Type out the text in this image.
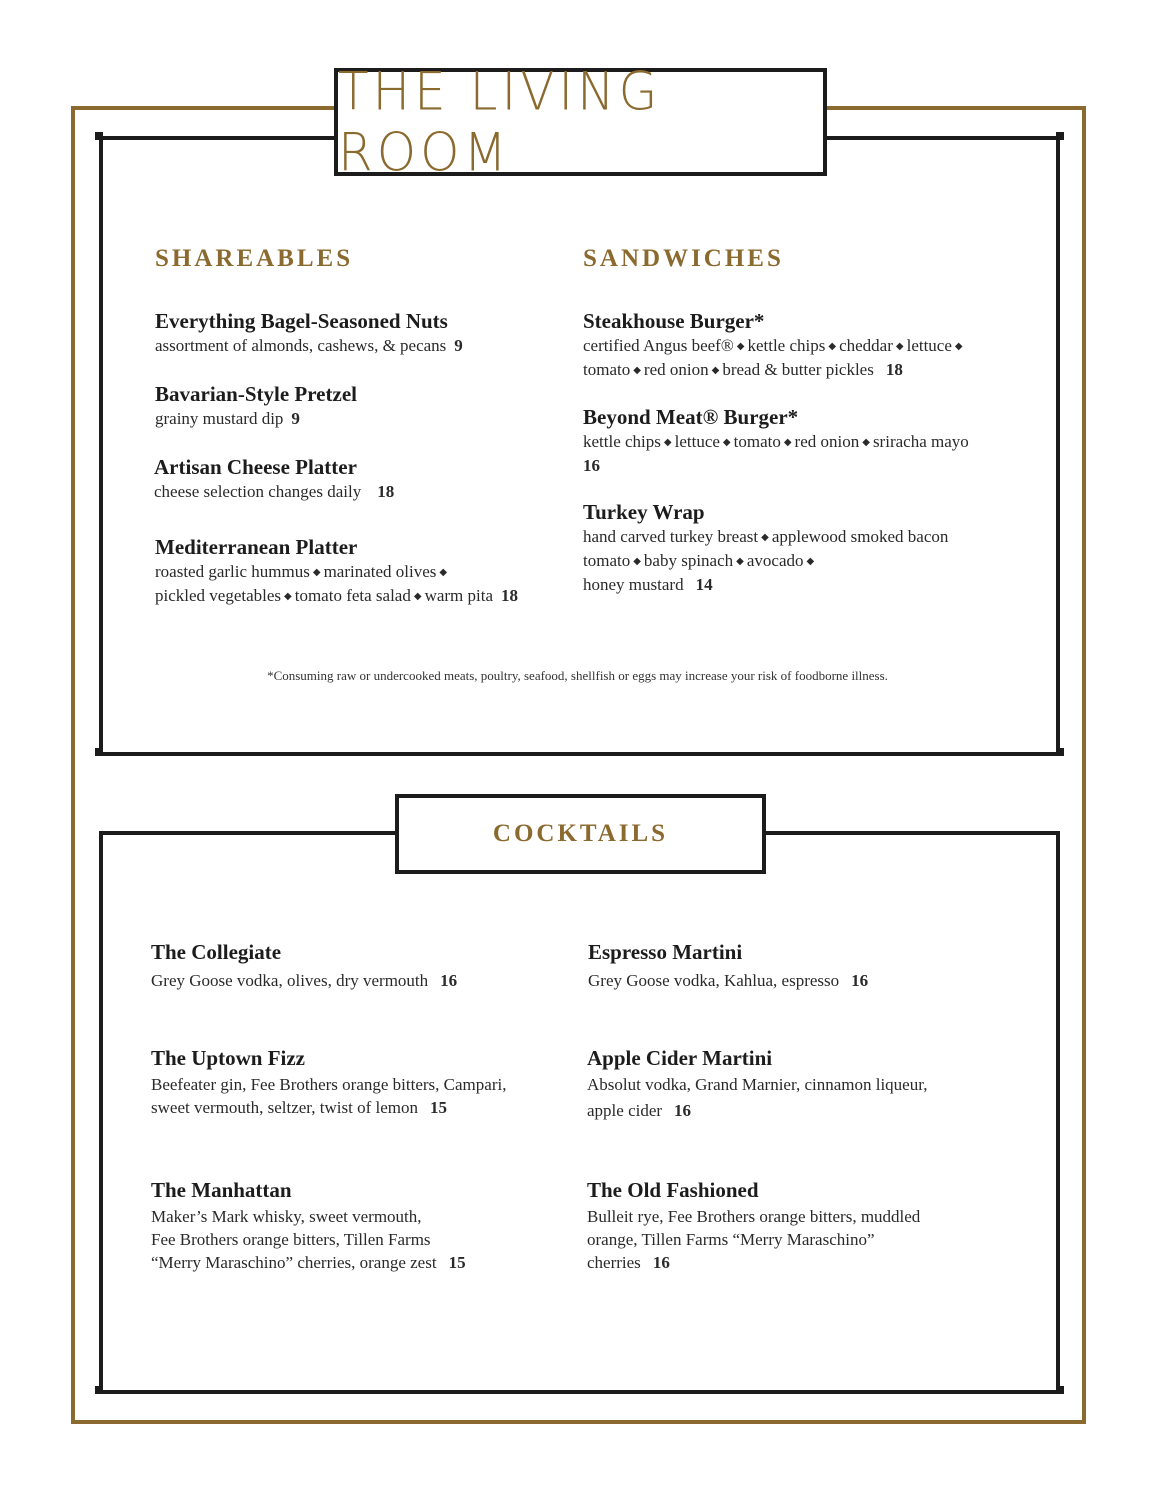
THE LIVING ROOM
SHAREABLES
Everything Bagel-Seasoned Nuts
assortment of almonds, cashews, & pecans 9
Bavarian-Style Pretzel
grainy mustard dip 9
Artisan Cheese Platter
cheese selection changes daily 18
Mediterranean Platter
roasted garlic hummus ◆ marinated olives ◆
pickled vegetables ◆ tomato feta salad ◆ warm pita 18
SANDWICHES
Steakhouse Burger*
certified Angus beef® ◆ kettle chips ◆ cheddar ◆ lettuce ◆
tomato ◆ red onion ◆ bread & butter pickles 18
Beyond Meat® Burger*
kettle chips ◆ lettuce ◆ tomato ◆ red onion ◆ sriracha mayo
16
Turkey Wrap
hand carved turkey breast ◆ applewood smoked bacon
tomato ◆ baby spinach ◆ avocado ◆
honey mustard 14
*Consuming raw or undercooked meats, poultry, seafood, shellfish or eggs may increase your risk of foodborne illness.
COCKTAILS
The Collegiate
Grey Goose vodka, olives, dry vermouth 16
Espresso Martini
Grey Goose vodka, Kahlua, espresso 16
The Uptown Fizz
Beefeater gin, Fee Brothers orange bitters, Campari,
sweet vermouth, seltzer, twist of lemon 15
Apple Cider Martini
Absolut vodka, Grand Marnier, cinnamon liqueur,
apple cider 16
The Manhattan
Maker’s Mark whisky, sweet vermouth,
Fee Brothers orange bitters, Tillen Farms
“Merry Maraschino” cherries, orange zest 15
The Old Fashioned
Bulleit rye, Fee Brothers orange bitters, muddled
orange, Tillen Farms “Merry Maraschino”
cherries 16
